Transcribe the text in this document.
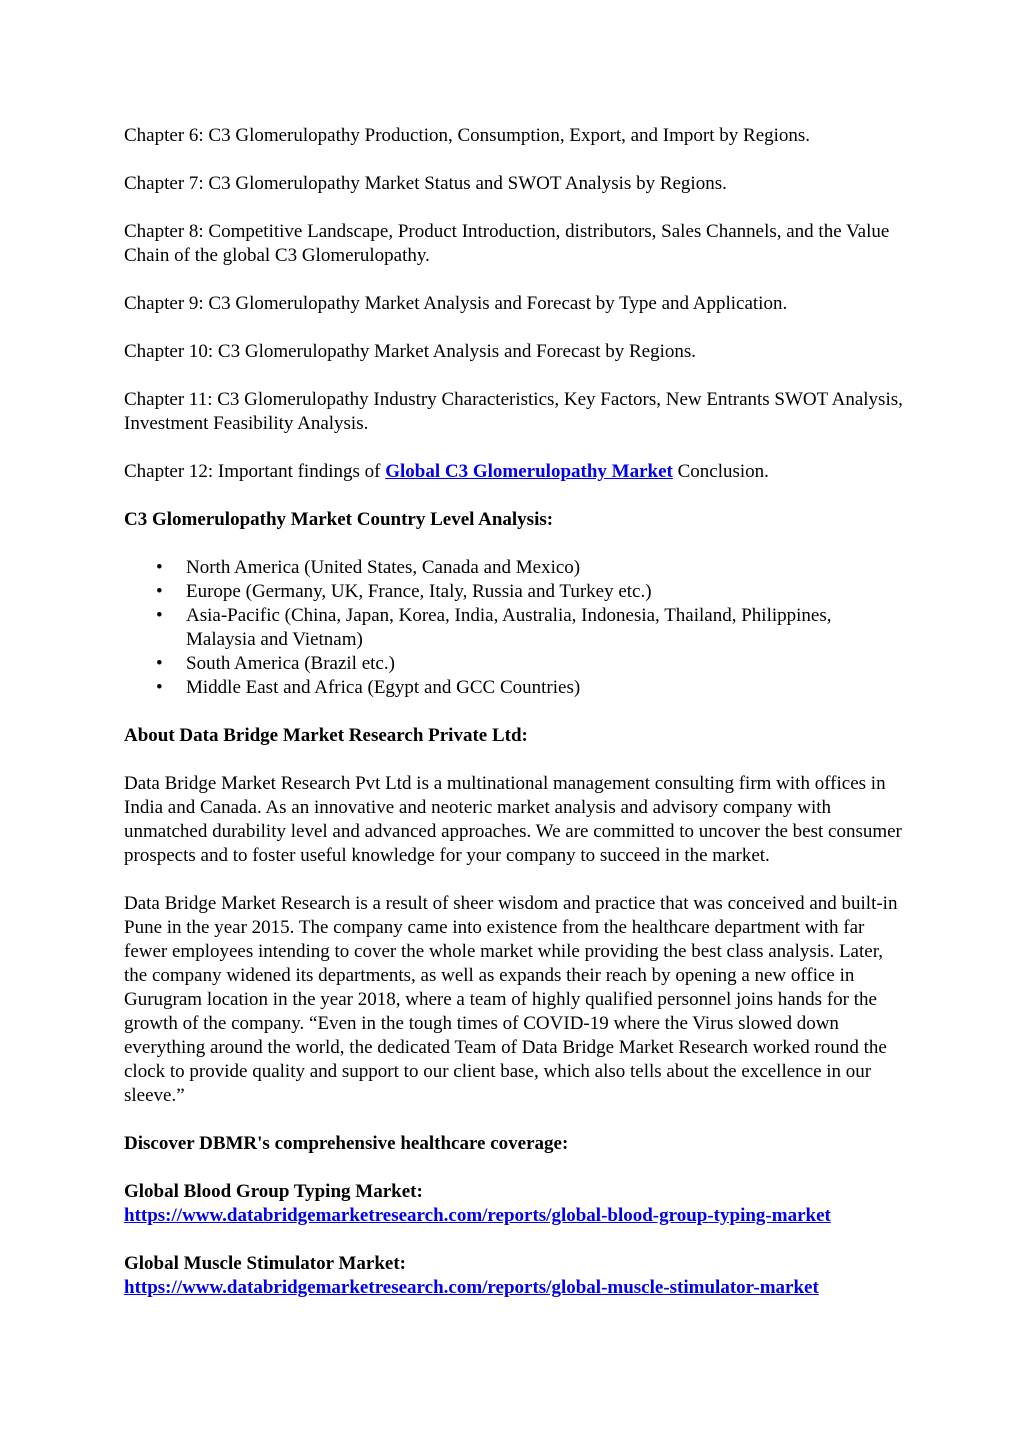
Chapter 6: C3 Glomerulopathy Production, Consumption, Export, and Import by Regions.

Chapter 7: C3 Glomerulopathy Market Status and SWOT Analysis by Regions.

Chapter 8: Competitive Landscape, Product Introduction, distributors, Sales Channels, and the Value Chain of the global C3 Glomerulopathy.

Chapter 9: C3 Glomerulopathy Market Analysis and Forecast by Type and Application.

Chapter 10: C3 Glomerulopathy Market Analysis and Forecast by Regions.

Chapter 11: C3 Glomerulopathy Industry Characteristics, Key Factors, New Entrants SWOT Analysis, Investment Feasibility Analysis.

Chapter 12: Important findings of Global C3 Glomerulopathy Market Conclusion.

C3 Glomerulopathy Market Country Level Analysis:

• North America (United States, Canada and Mexico)
• Europe (Germany, UK, France, Italy, Russia and Turkey etc.)
• Asia-Pacific (China, Japan, Korea, India, Australia, Indonesia, Thailand, Philippines, Malaysia and Vietnam)
• South America (Brazil etc.)
• Middle East and Africa (Egypt and GCC Countries)

About Data Bridge Market Research Private Ltd:

Data Bridge Market Research Pvt Ltd is a multinational management consulting firm with offices in India and Canada. As an innovative and neoteric market analysis and advisory company with unmatched durability level and advanced approaches. We are committed to uncover the best consumer prospects and to foster useful knowledge for your company to succeed in the market.

Data Bridge Market Research is a result of sheer wisdom and practice that was conceived and built-in Pune in the year 2015. The company came into existence from the healthcare department with far fewer employees intending to cover the whole market while providing the best class analysis. Later, the company widened its departments, as well as expands their reach by opening a new office in Gurugram location in the year 2018, where a team of highly qualified personnel joins hands for the growth of the company. “Even in the tough times of COVID-19 where the Virus slowed down everything around the world, the dedicated Team of Data Bridge Market Research worked round the clock to provide quality and support to our client base, which also tells about the excellence in our sleeve.”

Discover DBMR's comprehensive healthcare coverage:

Global Blood Group Typing Market:
https://www.databridgemarketresearch.com/reports/global-blood-group-typing-market
Global Muscle Stimulator Market:
https://www.databridgemarketresearch.com/reports/global-muscle-stimulator-market
